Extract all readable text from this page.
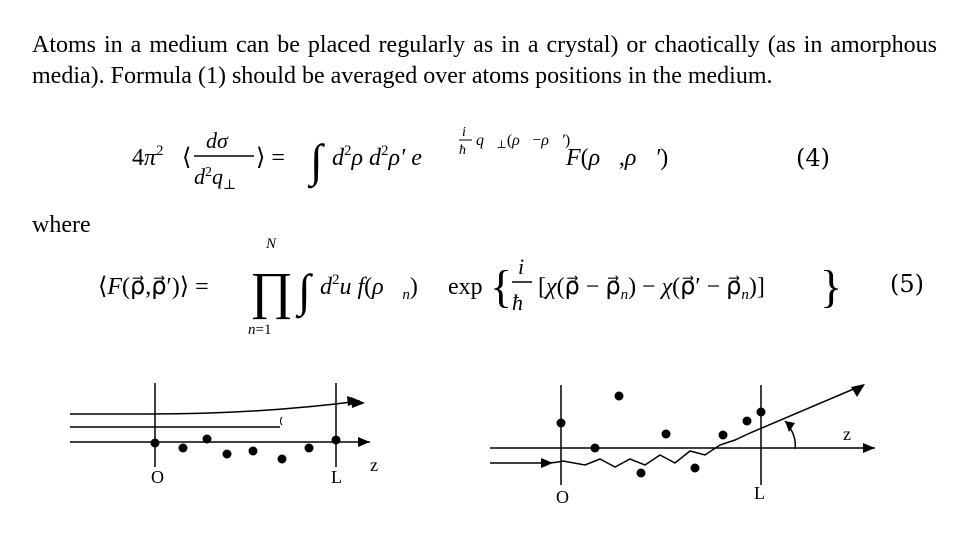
Atoms in a medium can be placed regularly as in a crystal) or chaotically (as in amorphous media). Formula (1) should be averaged over atoms positions in the medium.
$4\pi^2$ ⟨
dσ
$d^2q_\perp$
⟩ = ∫ $d^2\rho$ $d^2\rho'$ e
i
ħ
q⃗⊥(ρ⃗−ρ⃗′)
F(ρ⃗,ρ⃗′)	(4)
where
⟨F(ρ⃗,ρ⃗′)⟩ =
N
∏
n=1
∫ $d^2u$ $f(\rho⃗_n)$ exp { i
ħ
[χ(ρ⃗ − $\rho⃗_n$) − χ(ρ⃗′ − $\rho⃗_n$)] } (5)
O	L
z
O	L
z
